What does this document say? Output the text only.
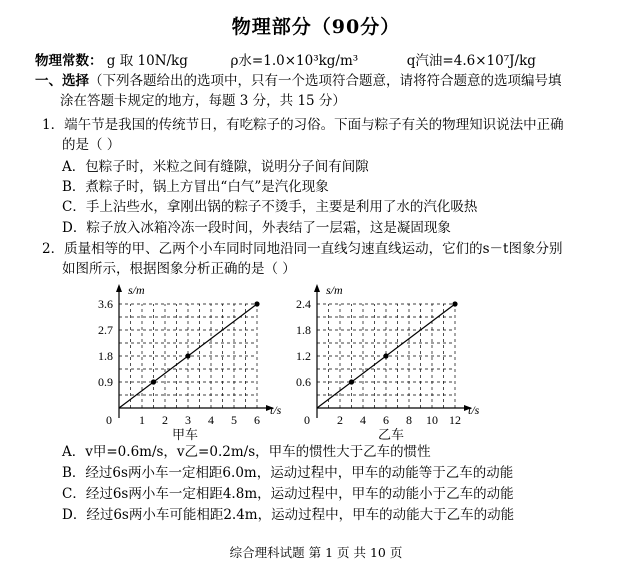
物理部分（90分）
物理常数： g 取 10N/kg	ρ水=1.0×10³kg/m³	q汽油=4.6×10⁷J/kg
一、选择（下列各题给出的选项中，只有一个选项符合题意，请将符合题意的选项编号填
涂在答题卡规定的地方，每题 3 分，共 15 分）
1．端午节是我国的传统节日，有吃粽子的习俗。下面与粽子有关的物理知识说法中正确
的是（ ）
A．包粽子时，米粒之间有缝隙，说明分子间有间隙
B．煮粽子时，锅上方冒出“白气”是汽化现象
C．手上沾些水，拿刚出锅的粽子不烫手，主要是利用了水的汽化吸热
D．粽子放入冰箱冷冻一段时间，外表结了一层霜，这是凝固现象
2．质量相等的甲、乙两个小车同时同地沿同一直线匀速直线运动，它们的s－t图象分别
如图所示，根据图象分析正确的是（ ）
s/m
t/s
0 1 2 3 4 5 6
0.9
1.8
2.7
3.6
甲车
s/m
t/s
0 2 4 6 8 10 12
0.6
1.2
1.8
2.4
乙车
A．v甲=0.6m/s，v乙=0.2m/s，甲车的惯性大于乙车的惯性
B．经过6s两小车一定相距6.0m，运动过程中，甲车的动能等于乙车的动能
C．经过6s两小车一定相距4.8m，运动过程中，甲车的动能小于乙车的动能
D．经过6s两小车可能相距2.4m，运动过程中，甲车的动能大于乙车的动能
综合理科试题 第 1 页 共 10 页
